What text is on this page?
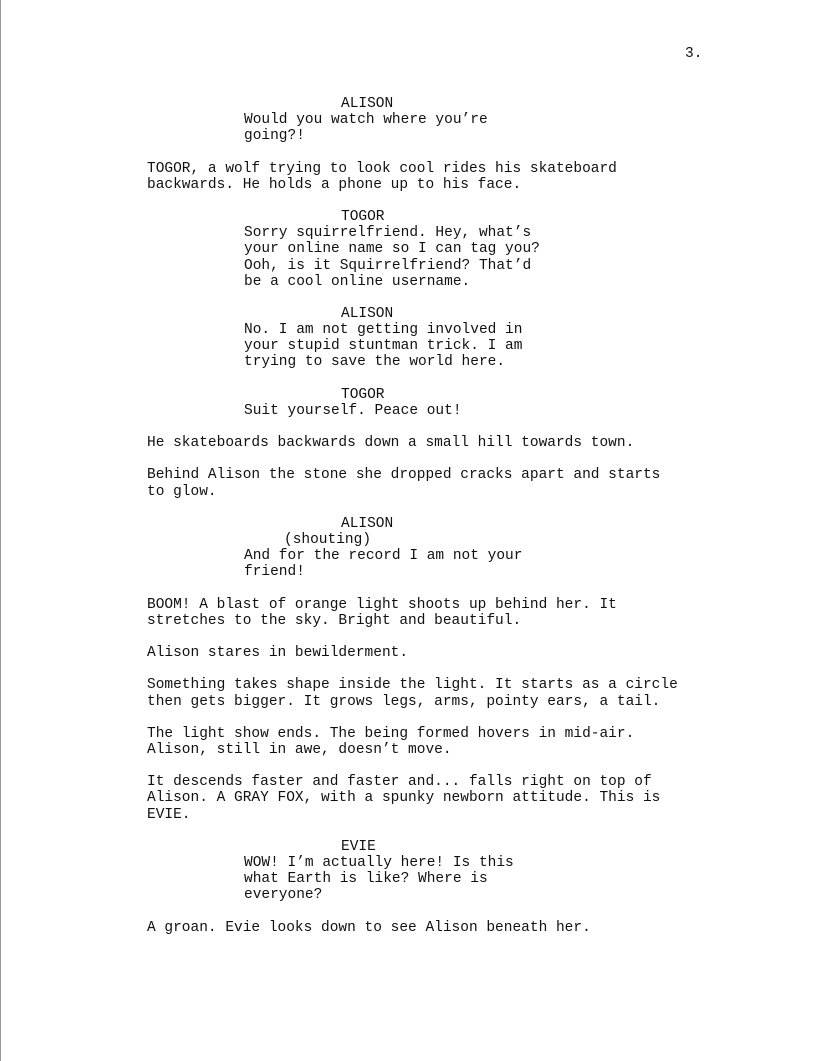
3.
ALISON
Would you watch where you’re
going?!
TOGOR, a wolf trying to look cool rides his skateboard
backwards. He holds a phone up to his face.
TOGOR
Sorry squirrelfriend. Hey, what’s
your online name so I can tag you?
Ooh, is it Squirrelfriend? That’d
be a cool online username.
ALISON
No. I am not getting involved in
your stupid stuntman trick. I am
trying to save the world here.
TOGOR
Suit yourself. Peace out!
He skateboards backwards down a small hill towards town.
Behind Alison the stone she dropped cracks apart and starts
to glow.
ALISON
(shouting)
And for the record I am not your
friend!
BOOM! A blast of orange light shoots up behind her. It
stretches to the sky. Bright and beautiful.
Alison stares in bewilderment.
Something takes shape inside the light. It starts as a circle
then gets bigger. It grows legs, arms, pointy ears, a tail.
The light show ends. The being formed hovers in mid-air.
Alison, still in awe, doesn’t move.
It descends faster and faster and... falls right on top of
Alison. A GRAY FOX, with a spunky newborn attitude. This is
EVIE.
EVIE
WOW! I’m actually here! Is this
what Earth is like? Where is
everyone?
A groan. Evie looks down to see Alison beneath her.
